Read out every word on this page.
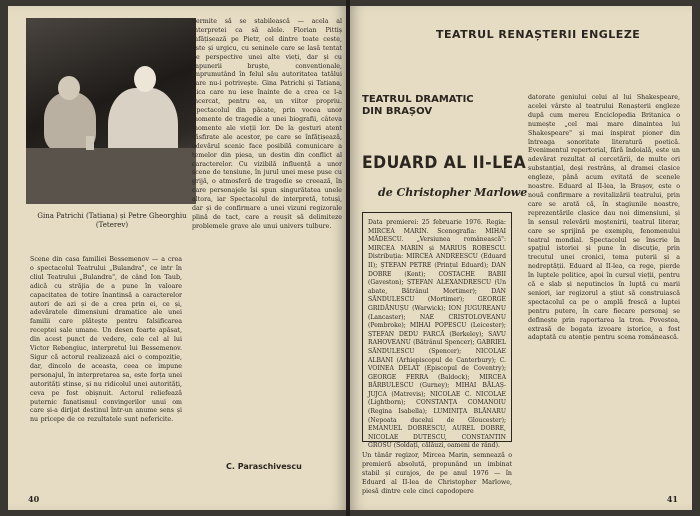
Gina Patrichi (Tatiana) și Petre Gheorghiu (Teterev)
Scene din casa familiei Bessemenov — a crea o spectacolul Teatrului „Bulandra", ce intr în cliul Teatrului „Bulandra", de când Ion Taub, adică cu străjia de a pune în valoare capacitatea de totire înantinsă a caracterelor autori de azi și de a crea prin ei, ce și, adevăratele dimensiuni dramatice ale unei familii care plătește pentru falsificarea receptei sale umane. Un desen foarte apăsat, din acest punct de vedere, cele cel al lui Victor Rebengiuc, interpretul lui Bessemenov. Sigur că actorul realizează aici o compoziție, dar, dincolo de aceasta, ceea ce impune personajul, în interpretarea sa, este forța unei autorități stinse, și nu ridicolul unei autorități, ceva pe fost obișnuit. Actorul reliefează puternic fanatismul convingerilor unui om care și-a dirijat destinul într-un anume sens și nu pricepe de ce rezultatele sunt nefericite.
permite să se stabilească — acela al interpretei ca să alele. Florian Pittiș înfățișează pe Pietr, cel dintre toate ceste, este și urgicu, cu seninele care se lasă tentat de perspective unei alte vieți, dar și cu sapunerii bruște, conventionale, împrumutând în felul său autoritatea tatălui care nu-i potrivește. Gina Patrichi și Tatiana, fiica care nu iese înainte de a crea ce l-a încercat, pentru ea, un viitor propriu. Spectacolul din păcate, prin vocea unor momente de tragedie a unei biografii, câteva momente ale vieții lor. De la gesturi atent răsfirate ale acestor, pe care se înfățișează, adevărul scenic face posibilă comunicare a temelor din piesa, un destin din conflict al caracterelor. Cu vizibilă influență a unor scene de tensiune, în jurul unei mese puse cu grijă, o atmosferă de tragedie se creează, în care personajele își spun singurătatea unele altora, iar Spectacolul de interpretă, totuși, dar și de confirmare a unei vizuni regizorale plină de tact, care a reușit să delimiteze problemele grave ale unui univers tulbure.
C. Paraschivescu
40
TEATRUL RENAȘTERII ENGLEZE
TEATRUL DRAMATIC DIN BRAȘOV
EDUARD AL II-LEA
de Christopher Marlowe
Data premierei: 25 februarie 1976. Regia: MIRCEA MARIN. Scenografia: MIHAI MĂDESCU. „Versiunea românească": MIRCEA MARIN și MARIUS ROBESCU. Distribuția: MIRCEA ANDREESCU (Eduard II); ȘTEFAN PETRE (Prințul Eduard); DAN DOBRE (Kent); COSTACHE BABII (Gaveston); ȘTEFAN ALEXANDRESCU (Un abate, Bătrânul Mortimer); DAN SĂNDULESCU (Mortimer); GEORGE GRIDĂNUȘU (Warwick); ION JUGUREANU (Lancaster); NAE CRISTOLOVEANU (Pembroke); MIHAI POPESCU (Leicester); ȘTEFAN DEDU FARCĂ (Berkeley); SAVU RAHOVEANU (Bătrânul Spencer); GABRIEL SĂNDULESCU (Spencer); NICOLAE ALBANI (Arhiepiscopul de Canterbury); C. VOINEA DELAT (Episcopul de Coventry); GEORGE FERRA (Baldock); MIRCEA BĂRBULESCU (Gurney); MIHAI BĂLAȘ-JUJCA (Matrevis); NICOLAE C. NICOLAE (Lightborn); CONSTANȚA COMANOIU (Regina Isabella); LUMINIȚA BLĂNARU (Nepoata ducelui de Gloucester); EMANUEL DOBRESCU, AUREL DOBRE, NICOLAE DUTESCU, CONSTANTIN GROSU (Soldați, călăuzi, oameni de rând).
Un tânăr regizor, Mircea Marin, semnează o premieră absolută, propunând un imbinat stabil și curajos, de pe anul 1976 — în Eduard al II-lea de Christopher Marlowe, piesă dintre cele cinci capodopere
datorate geniului celui al lui Shakespeare, acelei vârste al teatrului Renașterii engleze după cum mereu Enciclopedia Britanica o numește „cel mai mare dinaintea lui Shakespeare" și mai inspirat pioner din întreaga sonoritate literatură poetică. Evenimentul repertorial, fără îndoială, este un adevărat rezultat al cercetării, de multe ori substanțial, deși restrâns, al dramei clasice engleze, până acum evitată de scenele noastre. Eduard al II-lea, la Brașov, este o nouă confirmare a revitalizării teatrului, prin care se arată că, în stagiunile noastre, reprezentările clasice dau noi dimensiuni, și în sensul relevării moștenirii, teatrul literar, care se sprijină pe exemplu, fenomenului teatral mondial. Spectacolul se înscrie în spațiul istoriei și pune în discuție, prin trecutul unei cronici, tema puterii și a nedreptății. Eduard al II-lea, ca rege, pierde în luptele politice, apoi în cursul vieții, pentru că e slab și neputincios în luptă cu marii seniori, iar regizorul a știut să construiască spectacolul ca pe o amplă frescă a luptei pentru putere, în care fiecare personaj se definește prin raportarea la tron. Povestea, extrasă de bogata izvoare istorice, a fost adaptată cu atenție pentru scena românească.
41
